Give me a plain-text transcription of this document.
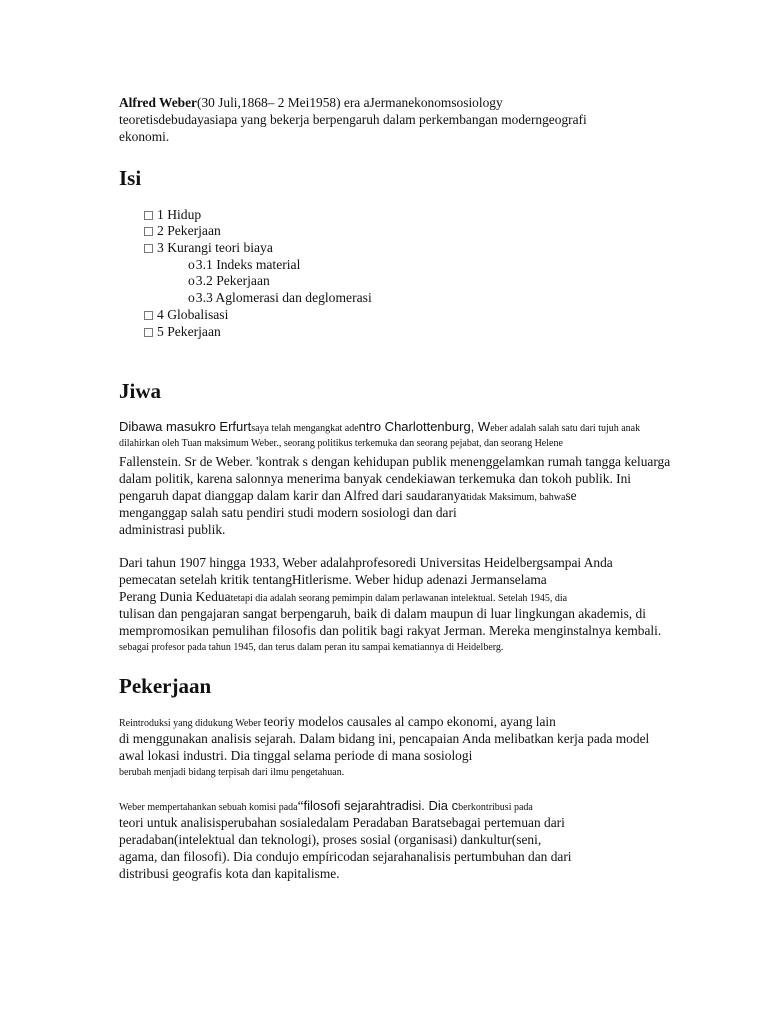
Alfred Weber(30 Juli,1868– 2 Mei1958) era aJermanekonomsosiology
teoretisdebudayasiapa yang bekerja berpengaruh dalam perkembangan moderngeografi
ekonomi.
Isi
1 Hidup
2 Pekerjaan
3 Kurangi teori biaya
o3.1 Indeks material
o3.2 Pekerjaan
o3.3 Aglomerasi dan deglomerasi
4 Globalisasi
5 Pekerjaan
Jiwa
Dibawa masukro Erfurtsaya telah mengangkat adentro Charlottenburg, Weber adalah salah satu dari tujuh anak
dilahirkan oleh Tuan maksimum Weber., seorang politikus terkemuka dan seorang pejabat, dan seorang Helene
Fallenstein. Sr de Weber. 'kontrak s dengan kehidupan publik menenggelamkan rumah tangga keluarga
dalam politik, karena salonnya menerima banyak cendekiawan terkemuka dan tokoh publik. Ini
pengaruh dapat dianggap dalam karir dan Alfred dari saudaranyatidak Maksimum, bahwase
menganggap salah satu pendiri studi modern sosiologi dan dari
administrasi publik.
Dari tahun 1907 hingga 1933, Weber adalahprofesoredi Universitas Heidelbergsampai Anda
pemecatan setelah kritik tentangHitlerisme. Weber hidup adenazi Jermanselama
Perang Dunia Keduatetapi dia adalah seorang pemimpin dalam perlawanan intelektual. Setelah 1945, dia
tulisan dan pengajaran sangat berpengaruh, baik di dalam maupun di luar lingkungan akademis, di
mempromosikan pemulihan filosofis dan politik bagi rakyat Jerman. Mereka menginstalnya kembali.
sebagai profesor pada tahun 1945, dan terus dalam peran itu sampai kematiannya di Heidelberg.
Pekerjaan
Reintroduksi yang didukung Weber teoriy modelos causales al campo ekonomi, ayang lain
di menggunakan analisis sejarah. Dalam bidang ini, pencapaian Anda melibatkan kerja pada model
awal lokasi industri. Dia tinggal selama periode di mana sosiologi
berubah menjadi bidang terpisah dari ilmu pengetahuan.
Weber mempertahankan sebuah komisi pada“filosofi sejarahtradisi. Dia cberkontribusi pada
teori untuk analisisperubahan sosialedalam Peradaban Baratsebagai pertemuan dari
peradaban(intelektual dan teknologi), proses sosial (organisasi) dankultur(seni,
agama, dan filosofi). Dia condujo empíricodan sejarahanalisis pertumbuhan dan dari
distribusi geografis kota dan kapitalisme.
